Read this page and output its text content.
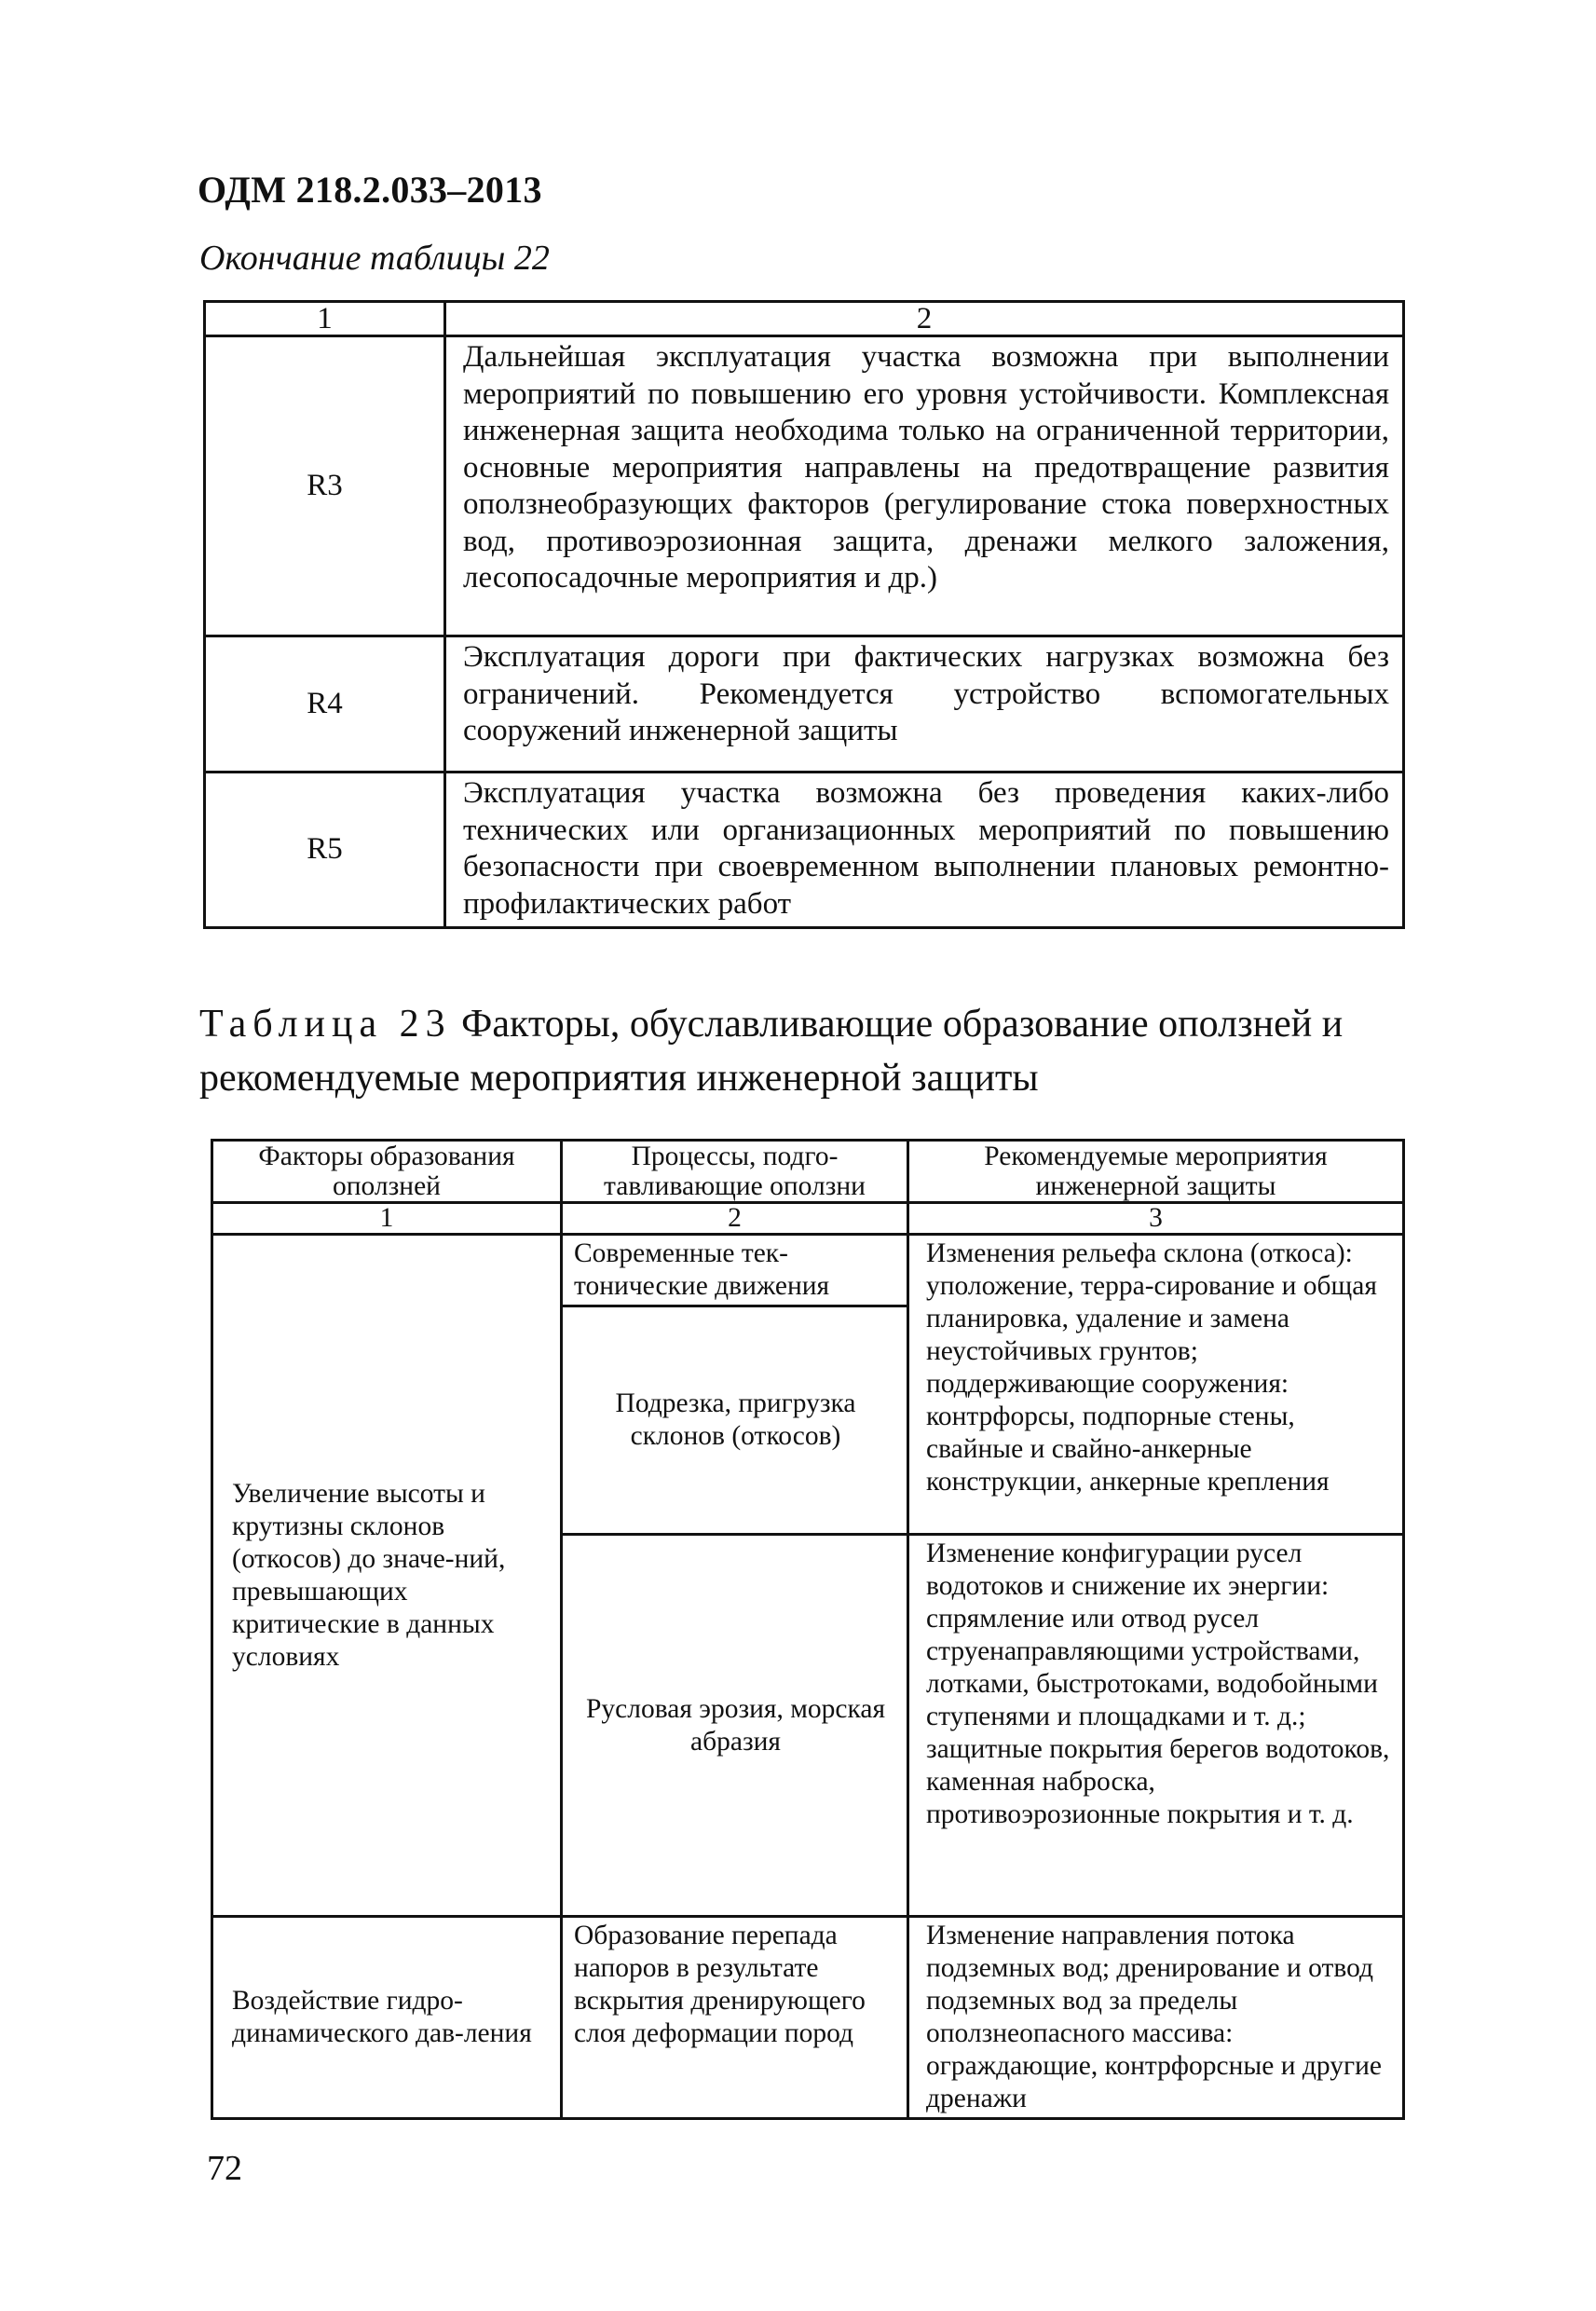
ОДМ 218.2.033–2013
Окончание таблицы 22
1	2
R3	Дальнейшая эксплуатация участка возможна при выполнении мероприятий по повышению его уровня устойчивости. Комплексная инженерная защита необходима только на ограниченной территории, основные мероприятия направлены на предотвращение развития оползнеобразующих факторов (регулирование стока поверхностных вод, противоэрозионная защита, дренажи мелкого заложения, лесопосадочные мероприятия и др.)
R4	Эксплуатация дороги при фактических нагрузках возможна без ограничений. Рекомендуется устройство вспомогательных сооружений инженерной защиты
R5	Эксплуатация участка возможна без проведения каких-либо технических или организационных мероприятий по повышению безопасности при своевременном выполнении плановых ремонтно-профилактических работ
Таблица 23 Факторы, обуславливающие образование оползней и рекомендуемые мероприятия инженерной защиты
Факторы образования оползней	Процессы, подго-тавливающие оползни	Рекомендуемые мероприятия инженерной защиты
1	2	3
Увеличение высоты и крутизны склонов (откосов) до значе-ний, превышающих критические в данных условиях	Современные тек-тонические движения	Изменения рельефа склона (откоса): уположение, терра-сирование и общая планировка, удаление и замена неустойчивых грунтов; поддерживающие сооружения: контрфорсы, подпорные стены, свайные и свайно-анкерные конструкции, анкерные крепления
	Подрезка, пригрузка склонов (откосов)	
	Русловая эрозия, морская абразия	Изменение конфигурации русел водотоков и снижение их энергии: спрямление или отвод русел струенаправляющими устройствами, лотками, быстротоками, водобойными ступенями и площадками и т. д.; защитные покрытия берегов водотоков, каменная наброска, противоэрозионные покрытия и т. д.
Воздействие гидро-динамического дав-ления	Образование перепада напоров в результате вскрытия дренирующего слоя деформации пород	Изменение направления потока подземных вод; дренирование и отвод подземных вод за пределы оползнеопасного массива: ограждающие, контрфорсные и другие дренажи
72
